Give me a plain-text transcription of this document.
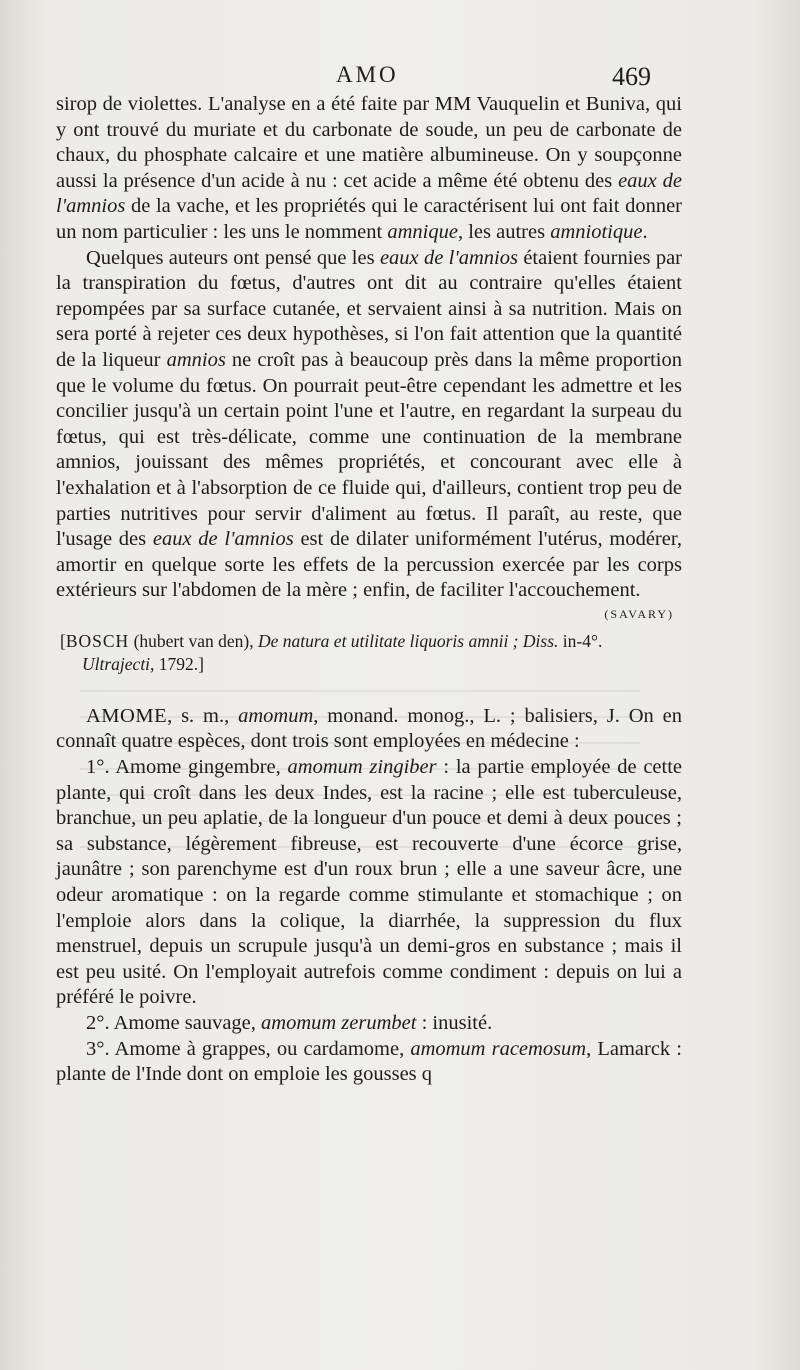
AMO	469

sirop de violettes. L'analyse en a été faite par MM Vauquelin et Buniva, qui y ont trouvé du muriate et du carbonate de soude, un peu de carbonate de chaux, du phosphate calcaire et une matière albumineuse. On y soupçonne aussi la présence d'un acide à nu : cet acide a même été obtenu des eaux de l'amnios de la vache, et les propriétés qui le caractérisent lui ont fait donner un nom particulier : les uns le nomment amnique, les autres amniotique.

Quelques auteurs ont pensé que les eaux de l'amnios étaient fournies par la transpiration du fœtus, d'autres ont dit au contraire qu'elles étaient repompées par sa surface cutanée, et servaient ainsi à sa nutrition. Mais on sera porté à rejeter ces deux hypothèses, si l'on fait attention que la quantité de la liqueur amnios ne croît pas à beaucoup près dans la même proportion que le volume du fœtus. On pourrait peut-être cependant les admettre et les concilier jusqu'à un certain point l'une et l'autre, en regardant la surpeau du fœtus, qui est très-délicate, comme une continuation de la membrane amnios, jouissant des mêmes propriétés, et concourant avec elle à l'exhalation et à l'absorption de ce fluide qui, d'ailleurs, contient trop peu de parties nutritives pour servir d'aliment au fœtus. Il paraît, au reste, que l'usage des eaux de l'amnios est de dilater uniformément l'utérus, modérer, amortir en quelque sorte les effets de la percussion exercée par les corps extérieurs sur l'abdomen de la mère ; enfin, de faciliter l'accouchement.

(SAVARY)
[BOSCH (hubert van den), De natura et utilitate liquoris amnii ; Diss. in-4°.
Ultrajecti, 1792.]

AMOME, s. m., amomum, monand. monog., L. ; balisiers, J. On en connaît quatre espèces, dont trois sont employées en médecine :

1°. Amome gingembre, amomum zingiber : la partie employée de cette plante, qui croît dans les deux Indes, est la racine ; elle est tuberculeuse, branchue, un peu aplatie, de la longueur d'un pouce et demi à deux pouces ; sa substance, légèrement fibreuse, est recouverte d'une écorce grise, jaunâtre ; son parenchyme est d'un roux brun ; elle a une saveur âcre, une odeur aromatique : on la regarde comme stimulante et stomachique ; on l'emploie alors dans la colique, la diarrhée, la suppression du flux menstruel, depuis un scrupule jusqu'à un demi-gros en substance ; mais il est peu usité. On l'employait autrefois comme condiment : depuis on lui a préféré le poivre.

2°. Amome sauvage, amomum zerumbet : inusité.

3°. Amome à grappes, ou cardamome, amomum racemosum, Lamarck : plante de l'Inde dont on emploie les gousses q
